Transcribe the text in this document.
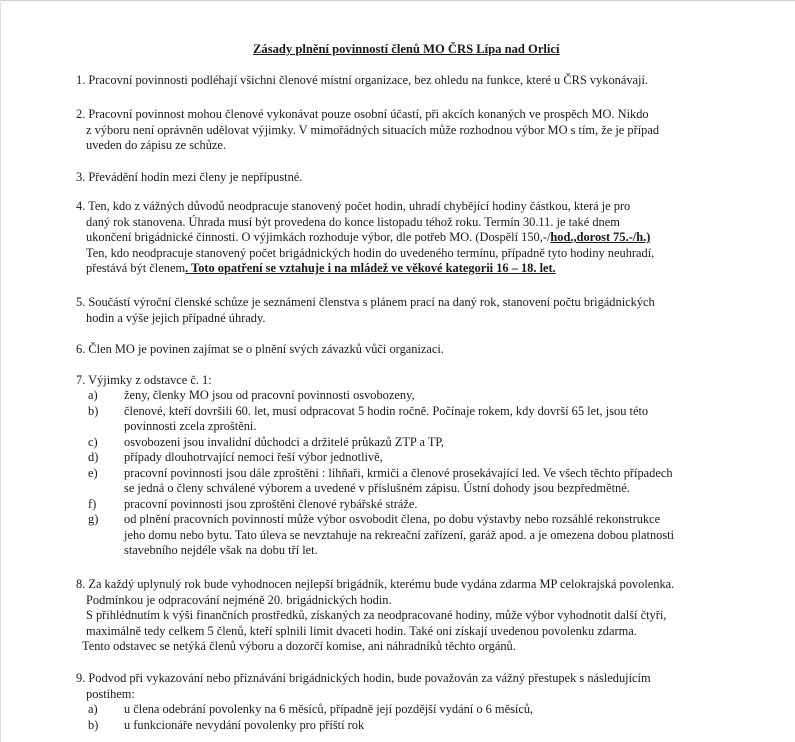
Zásady plnění povinností členů MO ČRS Lípa nad Orlicí
1. Pracovní povinnosti podléhají všichni členové místní organizace, bez ohledu na funkce, které u ČRS vykonávají.
2. Pracovní povinnost mohou členové vykonávat pouze osobní účastí, při akcích konaných ve prospěch MO. Nikdo
z výboru není oprávněn udělovat výjimky. V mimořádných situacích může rozhodnou výbor MO s tím, že je případ
uveden do zápisu ze schůze.
3. Převádění hodin mezi členy je nepřípustné.
4. Ten, kdo z vážných důvodů neodpracuje stanovený počet hodin, uhradí chybějící hodiny částkou, která je pro
daný rok stanovena. Úhrada musí být provedena do konce listopadu téhož roku. Termín 30.11. je také dnem
ukončení brigádnické činnosti. O výjimkách rozhoduje výbor, dle potřeb MO. (Dospělí 150,-/hod.,dorost 75.-/h.)
Ten, kdo neodpracuje stanovený počet brigádnických hodin do uvedeného termínu, případně tyto hodiny neuhradí,
přestává být členem. Toto opatření se vztahuje i na mládež ve věkové kategorii 16 – 18. let.
5. Součástí výroční členské schůze je seznámení členstva s plánem prací na daný rok, stanovení počtu brigádnických
hodin a výše jejich případné úhrady.
6. Člen MO je povinen zajímat se o plnění svých závazků vůči organizaci.
7. Výjimky z odstavce č. 1:
a) ženy, členky MO jsou od pracovní povinnosti osvobozeny,
b) členové, kteří dovršili 60. let, musí odpracovat 5 hodin ročně. Počínaje rokem, kdy dovrší 65 let, jsou této
povinnosti zcela zproštěni.
c) osvobozeni jsou invalidní důchodci a držitelé průkazů ZTP a TP,
d) případy dlouhotrvající nemoci řeší výbor jednotlivě,
e) pracovní povinnosti jsou dále zproštěni : lihňaři, krmiči a členové prosekávající led. Ve všech těchto případech
se jedná o členy schválené výborem a uvedené v příslušném zápisu. Ústní dohody jsou bezpředmětné.
f) pracovní povinnosti jsou zproštěni členové rybářské stráže.
g) od plnění pracovních povinností může výbor osvobodit člena, po dobu výstavby nebo rozsáhlé rekonstrukce
jeho domu nebo bytu. Tato úleva se nevztahuje na rekreační zařízení, garáž apod. a je omezena dobou platnosti
stavebního nejdéle však na dobu tří let.
8. Za každý uplynulý rok bude vyhodnocen nejlepší brigádník, kterému bude vydána zdarma MP celokrajská povolenka.
Podmínkou je odpracování nejméně 20. brigádnických hodin.
S přihlédnutím k výši finančních prostředků, získaných za neodpracované hodiny, může výbor vyhodnotit další čtyři,
maximálně tedy celkem 5 členů, kteří splnili limit dvaceti hodin. Také oni získají uvedenou povolenku zdarma.
Tento odstavec se netýká členů výboru a dozorčí komise, ani náhradníků těchto orgánů.
9. Podvod při vykazování nebo přiznávání brigádnických hodin, bude považován za vážný přestupek s následujícím
postihem:
a) u člena odebrání povolenky na 6 měsíců, případně její pozdější vydání o 6 měsíců,
b) u funkcionáře nevydání povolenky pro příští rok
